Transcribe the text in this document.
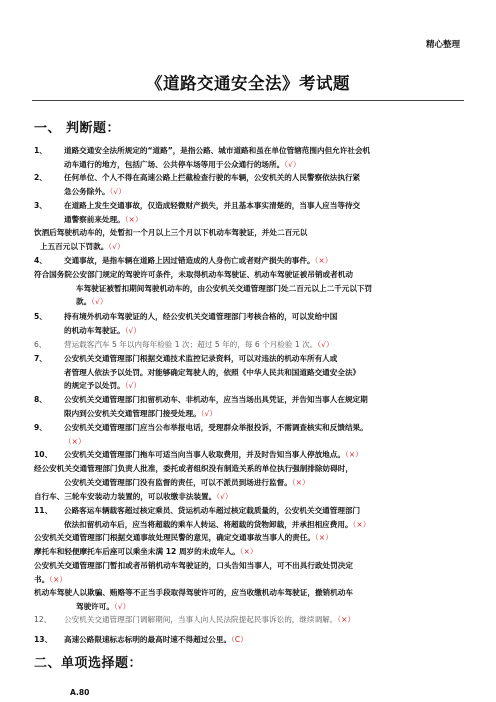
精心整理
《道路交通安全法》考试题
一、 判断题：
1、 道路交通安全法所规定的“道路”，是指公路、城市道路和虽在单位管辖范围内但允许社会机
动车通行的地方，包括广场、公共停车场等用于公众通行的场所。（√）
2、 任何单位、个人不得在高速公路上拦截检查行驶的车辆，公安机关的人民警察依法执行紧
急公务除外。（√）
3、 在道路上发生交通事故，仅造成轻微财产损失，并且基本事实清楚的，当事人应当等待交
通警察前来处理。（×）
饮酒后驾驶机动车的，处暂扣一个月以上三个月以下机动车驾驶证，并处二百元以
上五百元以下罚款。（√）
4、 交通事故，是指车辆在道路上因过错造成的人身伤亡或者财产损失的事件。（×）
符合国务院公安部门规定的驾驶许可条件，未取得机动车驾驶证、机动车驾驶证被吊销或者机动
车驾驶证被暂扣期间驾驶机动车的，由公安机关交通管理部门处二百元以上二千元以下罚
款。（√）
5、 持有境外机动车驾驶证的人，经公安机关交通管理部门考核合格的，可以发给中国
的机动车驾驶证。（√）
6、 营运载客汽车 5 年以内每年检验 1 次；超过 5 年的，每 6 个月检验 1 次。（√）
7、 公安机关交通管理部门根据交通技术监控记录资料，可以对违法的机动车所有人或
者管理人依法予以处罚。对能够确定驾驶人的，依照《中华人民共和国道路交通安全法》
的规定予以处罚。（√）
8、 公安机关交通管理部门扣留机动车、非机动车，应当当场出具凭证，并告知当事人在规定期
限内到公安机关交通管理部门接受处理。（√）
9、 公安机关交通管理部门应当公布举报电话，受理群众举报投诉，不需调查核实和反馈结果。
（×）
10、 公安机关交通管理部门拖车可适当向当事人收取费用，并及时告知当事人停放地点。（×）
经公安机关交通管理部门负责人批准，委托或者组织没有制造关系的单位执行强制排除妨碍时，
公安机关交通管理部门没有监督的责任，可以不派员到场进行监督。（×）
自行车、三轮车安装动力装置的，可以收缴非法装置。（√）
11、 公路客运车辆载客超过核定乘员、货运机动车超过核定载质量的，公安机关交通管理部门
依法扣留机动车后，应当将超载的乘车人转运、将超载的货物卸载，并承担相应费用。（×）
公安机关交通管理部门根据交通事故处理民警的意见，确定交通事故当事人的责任。（×）
摩托车和轻便摩托车后座可以乘坐未满 12 周岁的未成年人。（×）
公安机关交通管理部门暂扣或者吊销机动车驾驶证的，口头告知当事人，可不出具行政处罚决定
书。（×）
机动车驾驶人以欺骗、贿赂等不正当手段取得驾驶许可的，应当收缴机动车驾驶证，撤销机动车
驾驶许可。（√）
12、 公安机关交通管理部门调解期间，当事人向人民法院提起民事诉讼的，继续调解。（×）
13、 高速公路限速标志标明的最高时速不得超过公里。（C）
二、单项选择题：
A.80
